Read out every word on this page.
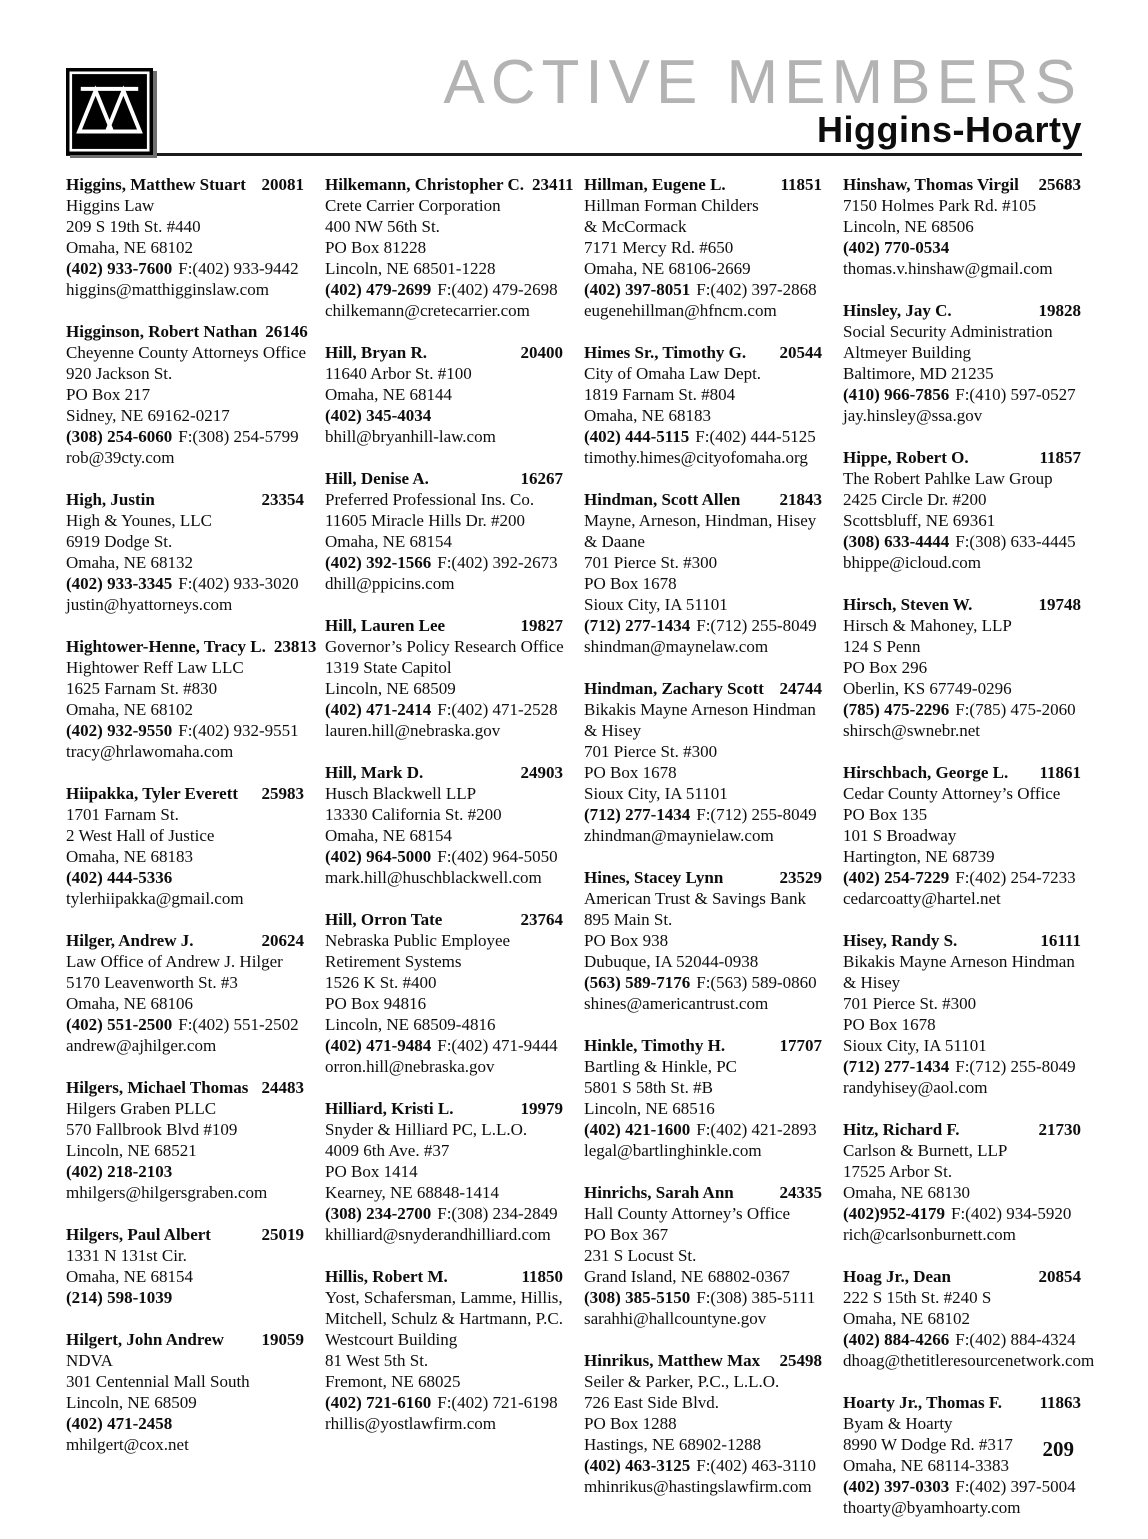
ACTIVE MEMBERS
Higgins-Hoarty
Higgins, Matthew Stuart 20081
Higgins Law
209 S 19th St. #440
Omaha, NE 68102
(402) 933-7600 F:(402) 933-9442
higgins@matthigginslaw.com
Higginson, Robert Nathan 26146
Cheyenne County Attorneys Office
920 Jackson St.
PO Box 217
Sidney, NE 69162-0217
(308) 254-6060 F:(308) 254-5799
rob@39cty.com
High, Justin	23354
High & Younes, LLC
6919 Dodge St.
Omaha, NE 68132
(402) 933-3345 F:(402) 933-3020
justin@hyattorneys.com
Hightower-Henne, Tracy L. 23813
Hightower Reff Law LLC
1625 Farnam St. #830
Omaha, NE 68102
(402) 932-9550 F:(402) 932-9551
tracy@hrlawomaha.com
Hiipakka, Tyler Everett	25983
1701 Farnam St.
2 West Hall of Justice
Omaha, NE 68183
(402) 444-5336
tylerhiipakka@gmail.com
Hilger, Andrew J.	20624
Law Office of Andrew J. Hilger
5170 Leavenworth St. #3
Omaha, NE 68106
(402) 551-2500 F:(402) 551-2502
andrew@ajhilger.com
Hilgers, Michael Thomas 24483
Hilgers Graben PLLC
570 Fallbrook Blvd #109
Lincoln, NE 68521
(402) 218-2103
mhilgers@hilgersgraben.com
Hilgers, Paul Albert	25019
1331 N 131st Cir.
Omaha, NE 68154
(214) 598-1039
Hilgert, John Andrew	19059
NDVA
301 Centennial Mall South
Lincoln, NE 68509
(402) 471-2458
mhilgert@cox.net
Hilkemann, Christopher C. 23411
Crete Carrier Corporation
400 NW 56th St.
PO Box 81228
Lincoln, NE 68501-1228
(402) 479-2699 F:(402) 479-2698
chilkemann@cretecarrier.com
Hill, Bryan R.	20400
11640 Arbor St. #100
Omaha, NE 68144
(402) 345-4034
bhill@bryanhill-law.com
Hill, Denise A.	16267
Preferred Professional Ins. Co.
11605 Miracle Hills Dr. #200
Omaha, NE 68154
(402) 392-1566 F:(402) 392-2673
dhill@ppicins.com
Hill, Lauren Lee	19827
Governor’s Policy Research Office
1319 State Capitol
Lincoln, NE 68509
(402) 471-2414 F:(402) 471-2528
lauren.hill@nebraska.gov
Hill, Mark D.	24903
Husch Blackwell LLP
13330 California St. #200
Omaha, NE 68154
(402) 964-5000 F:(402) 964-5050
mark.hill@huschblackwell.com
Hill, Orron Tate	23764
Nebraska Public Employee
Retirement Systems
1526 K St. #400
PO Box 94816
Lincoln, NE 68509-4816
(402) 471-9484 F:(402) 471-9444
orron.hill@nebraska.gov
Hilliard, Kristi L.	19979
Snyder & Hilliard PC, L.L.O.
4009 6th Ave. #37
PO Box 1414
Kearney, NE 68848-1414
(308) 234-2700 F:(308) 234-2849
khilliard@snyderandhilliard.com
Hillis, Robert M.	11850
Yost, Schafersman, Lamme, Hillis,
Mitchell, Schulz & Hartmann, P.C.
Westcourt Building
81 West 5th St.
Fremont, NE 68025
(402) 721-6160 F:(402) 721-6198
rhillis@yostlawfirm.com
Hillman, Eugene L.	11851
Hillman Forman Childers
& McCormack
7171 Mercy Rd. #650
Omaha, NE 68106-2669
(402) 397-8051 F:(402) 397-2868
eugenehillman@hfncm.com
Himes Sr., Timothy G.	20544
City of Omaha Law Dept.
1819 Farnam St. #804
Omaha, NE 68183
(402) 444-5115 F:(402) 444-5125
timothy.himes@cityofomaha.org
Hindman, Scott Allen	21843
Mayne, Arneson, Hindman, Hisey
& Daane
701 Pierce St. #300
PO Box 1678
Sioux City, IA 51101
(712) 277-1434 F:(712) 255-8049
shindman@maynelaw.com
Hindman, Zachary Scott 24744
Bikakis Mayne Arneson Hindman
& Hisey
701 Pierce St. #300
PO Box 1678
Sioux City, IA 51101
(712) 277-1434 F:(712) 255-8049
zhindman@maynielaw.com
Hines, Stacey Lynn	23529
American Trust & Savings Bank
895 Main St.
PO Box 938
Dubuque, IA 52044-0938
(563) 589-7176 F:(563) 589-0860
shines@americantrust.com
Hinkle, Timothy H.	17707
Bartling & Hinkle, PC
5801 S 58th St. #B
Lincoln, NE 68516
(402) 421-1600 F:(402) 421-2893
legal@bartlinghinkle.com
Hinrichs, Sarah Ann	24335
Hall County Attorney’s Office
PO Box 367
231 S Locust St.
Grand Island, NE 68802-0367
(308) 385-5150 F:(308) 385-5111
sarahhi@hallcountyne.gov
Hinrikus, Matthew Max	25498
Seiler & Parker, P.C., L.L.O.
726 East Side Blvd.
PO Box 1288
Hastings, NE 68902-1288
(402) 463-3125 F:(402) 463-3110
mhinrikus@hastingslawfirm.com
Hinshaw, Thomas Virgil	25683
7150 Holmes Park Rd. #105
Lincoln, NE 68506
(402) 770-0534
thomas.v.hinshaw@gmail.com
Hinsley, Jay C.	19828
Social Security Administration
Altmeyer Building
Baltimore, MD 21235
(410) 966-7856 F:(410) 597-0527
jay.hinsley@ssa.gov
Hippe, Robert O.	11857
The Robert Pahlke Law Group
2425 Circle Dr. #200
Scottsbluff, NE 69361
(308) 633-4444 F:(308) 633-4445
bhippe@icloud.com
Hirsch, Steven W.	19748
Hirsch & Mahoney, LLP
124 S Penn
PO Box 296
Oberlin, KS 67749-0296
(785) 475-2296 F:(785) 475-2060
shirsch@swnebr.net
Hirschbach, George L.	11861
Cedar County Attorney’s Office
PO Box 135
101 S Broadway
Hartington, NE 68739
(402) 254-7229 F:(402) 254-7233
cedarcoatty@hartel.net
Hisey, Randy S.	16111
Bikakis Mayne Arneson Hindman
& Hisey
701 Pierce St. #300
PO Box 1678
Sioux City, IA 51101
(712) 277-1434 F:(712) 255-8049
randyhisey@aol.com
Hitz, Richard F.	21730
Carlson & Burnett, LLP
17525 Arbor St.
Omaha, NE 68130
(402)952-4179 F:(402) 934-5920
rich@carlsonburnett.com
Hoag Jr., Dean	20854
222 S 15th St. #240 S
Omaha, NE 68102
(402) 884-4266 F:(402) 884-4324
dhoag@thetitleresourcenetwork.com
Hoarty Jr., Thomas F.	11863
Byam & Hoarty
8990 W Dodge Rd. #317
Omaha, NE 68114-3383
(402) 397-0303 F:(402) 397-5004
thoarty@byamhoarty.com
209
